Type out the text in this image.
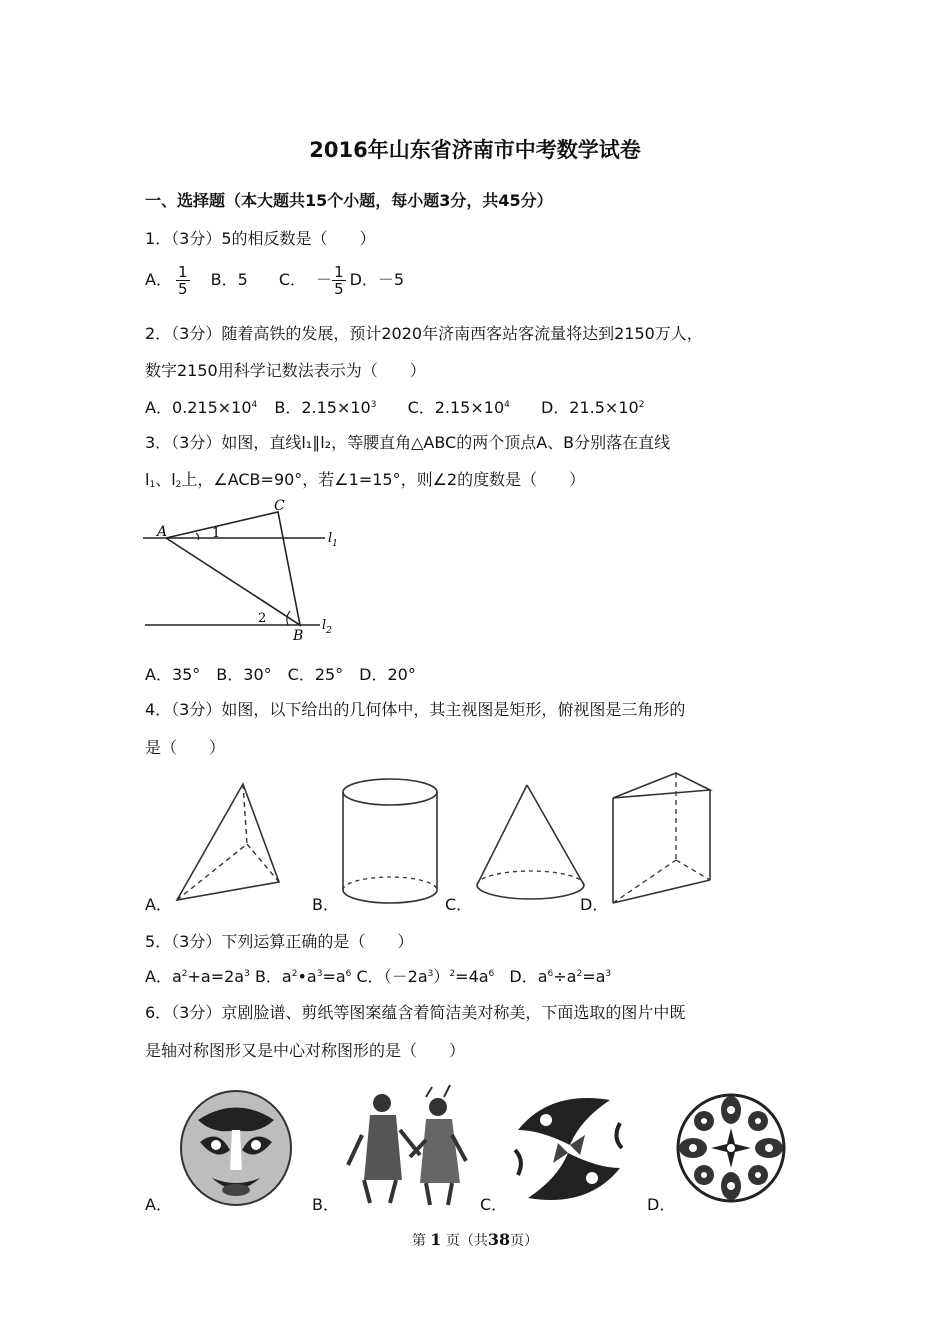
2016年山东省济南市中考数学试卷
一、选择题（本大题共15个小题，每小题3分，共45分）
1．（3分）5的相反数是（　　）
A． $\frac{1}{5}$ B．5 C． － $\frac{1}{5}$ D．－5
2．（3分）随着高铁的发展，预计2020年济南西客站客流量将达到2150万人，
数字2150用科学记数法表示为（　　）
A．$0.215\times 10^4$ B．$2.15\times 10^3$ C．$2.15\times 10^4$ D．$21.5\times 10^2$
3．（3分）如图，直线l₁∥l₂，等腰直角△ABC的两个顶点A、B分别落在直线
$l_1$、$l_2$上，∠ACB=90°，若∠1=15°，则∠2的度数是（　　）
A
C
B
1
2
$l_1$
$l_2$
A．35°　B．30°　C．25°　D．20°
4．（3分）如图，以下给出的几何体中，其主视图是矩形，俯视图是三角形的
是（　　）
A．	B．	C．	D．
5．（3分）下列运算正确的是（　　）
A．$a^2+a=2a^3$ B．$a^2•a^3=a^6$ C．$(-2a^3)^2=4a^6$ D．$a^6\div a^2=a^3$
6．（3分）京剧脸谱、剪纸等图案蕴含着简洁美对称美，下面选取的图片中既
是轴对称图形又是中心对称图形的是（　　）
A．	B．	C．	D．
第 1 页（共38页）
